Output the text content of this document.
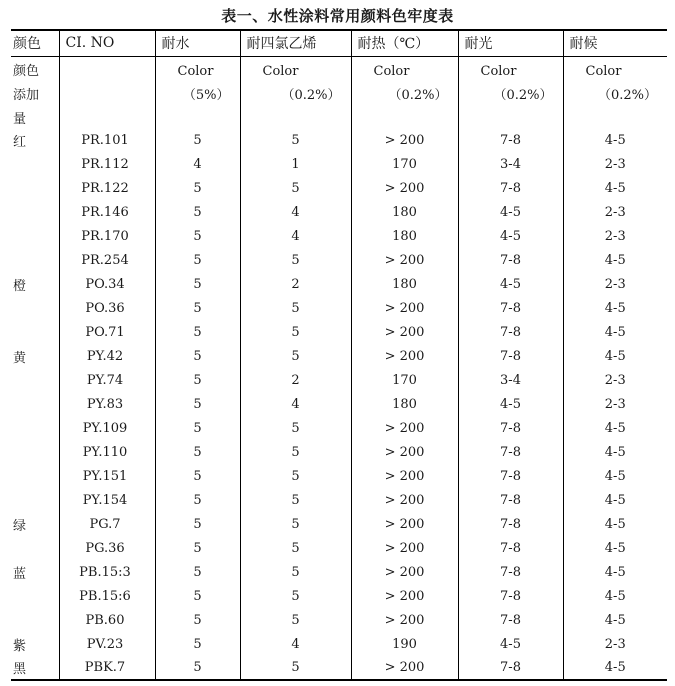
表一、水性涂料常用颜料色牢度表
颜色	CI. NO	耐水	耐四氯乙烯	耐热（℃）	耐光	耐候
颜色		Color	Color	Color	Color	Color
添加		（5%）	（0.2%）	（0.2%）	（0.2%）	（0.2%）
量						
红	PR.101	5	5	> 200	7-8	4-5
	PR.112	4	1	170	3-4	2-3
	PR.122	5	5	> 200	7-8	4-5
	PR.146	5	4	180	4-5	2-3
	PR.170	5	4	180	4-5	2-3
	PR.254	5	5	> 200	7-8	4-5
橙	PO.34	5	2	180	4-5	2-3
	PO.36	5	5	> 200	7-8	4-5
	PO.71	5	5	> 200	7-8	4-5
黄	PY.42	5	5	> 200	7-8	4-5
	PY.74	5	2	170	3-4	2-3
	PY.83	5	4	180	4-5	2-3
	PY.109	5	5	> 200	7-8	4-5
	PY.110	5	5	> 200	7-8	4-5
	PY.151	5	5	> 200	7-8	4-5
	PY.154	5	5	> 200	7-8	4-5
绿	PG.7	5	5	> 200	7-8	4-5
	PG.36	5	5	> 200	7-8	4-5
蓝	PB.15:3	5	5	> 200	7-8	4-5
	PB.15:6	5	5	> 200	7-8	4-5
	PB.60	5	5	> 200	7-8	4-5
紫	PV.23	5	4	190	4-5	2-3
黑	PBK.7	5	5	> 200	7-8	4-5
